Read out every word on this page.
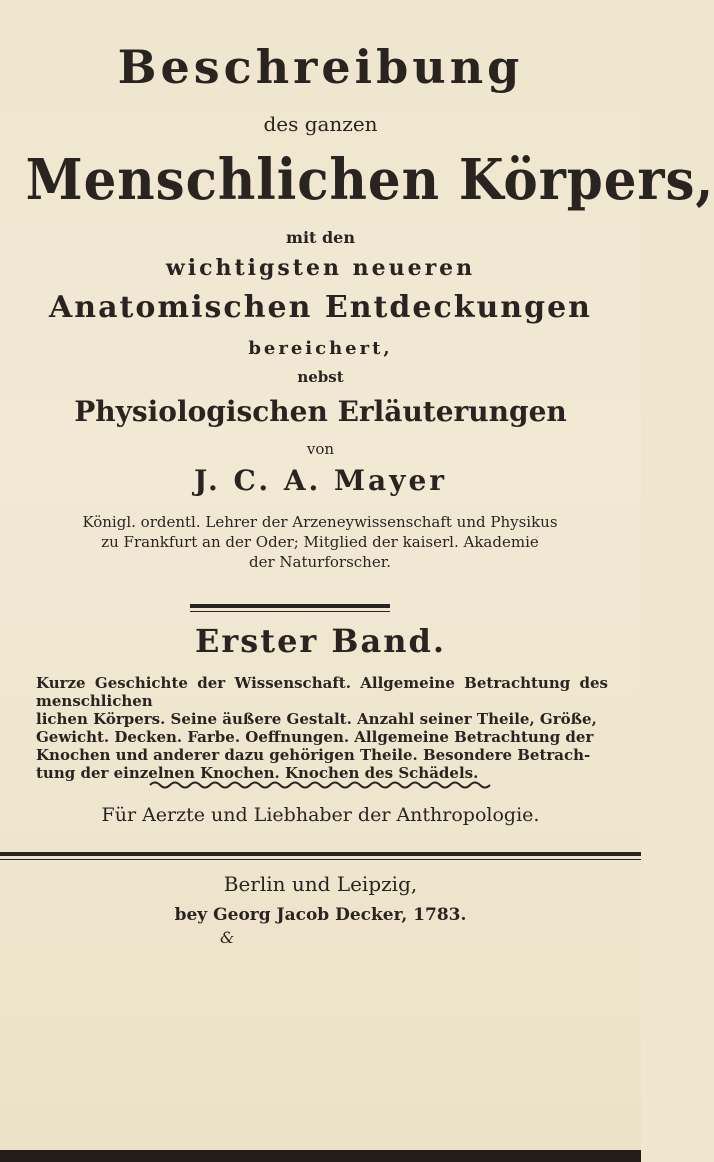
Beschreibung
des ganzen
Menschlichen Körpers,
mit den
wichtigsten neueren
Anatomischen Entdeckungen
bereichert,
nebst
Physiologischen Erläuterungen
von
J. C. A. Mayer
Königl. ordentl. Lehrer der Arzeneywissenschaft und Physikus
zu Frankfurt an der Oder; Mitglied der kaiserl. Akademie
der Naturforscher.
Erster Band.
Kurze Geschichte der Wissenschaft. Allgemeine Betrachtung des menschlichen
lichen Körpers. Seine äußere Gestalt. Anzahl seiner Theile, Größe,
Gewicht. Decken. Farbe. Oeffnungen. Allgemeine Betrachtung der
Knochen und anderer dazu gehörigen Theile. Besondere Betrach-
tung der einzelnen Knochen. Knochen des Schädels.
Für Aerzte und Liebhaber der Anthropologie.
Berlin und Leipzig,
bey Georg Jacob Decker, 1783.
&
